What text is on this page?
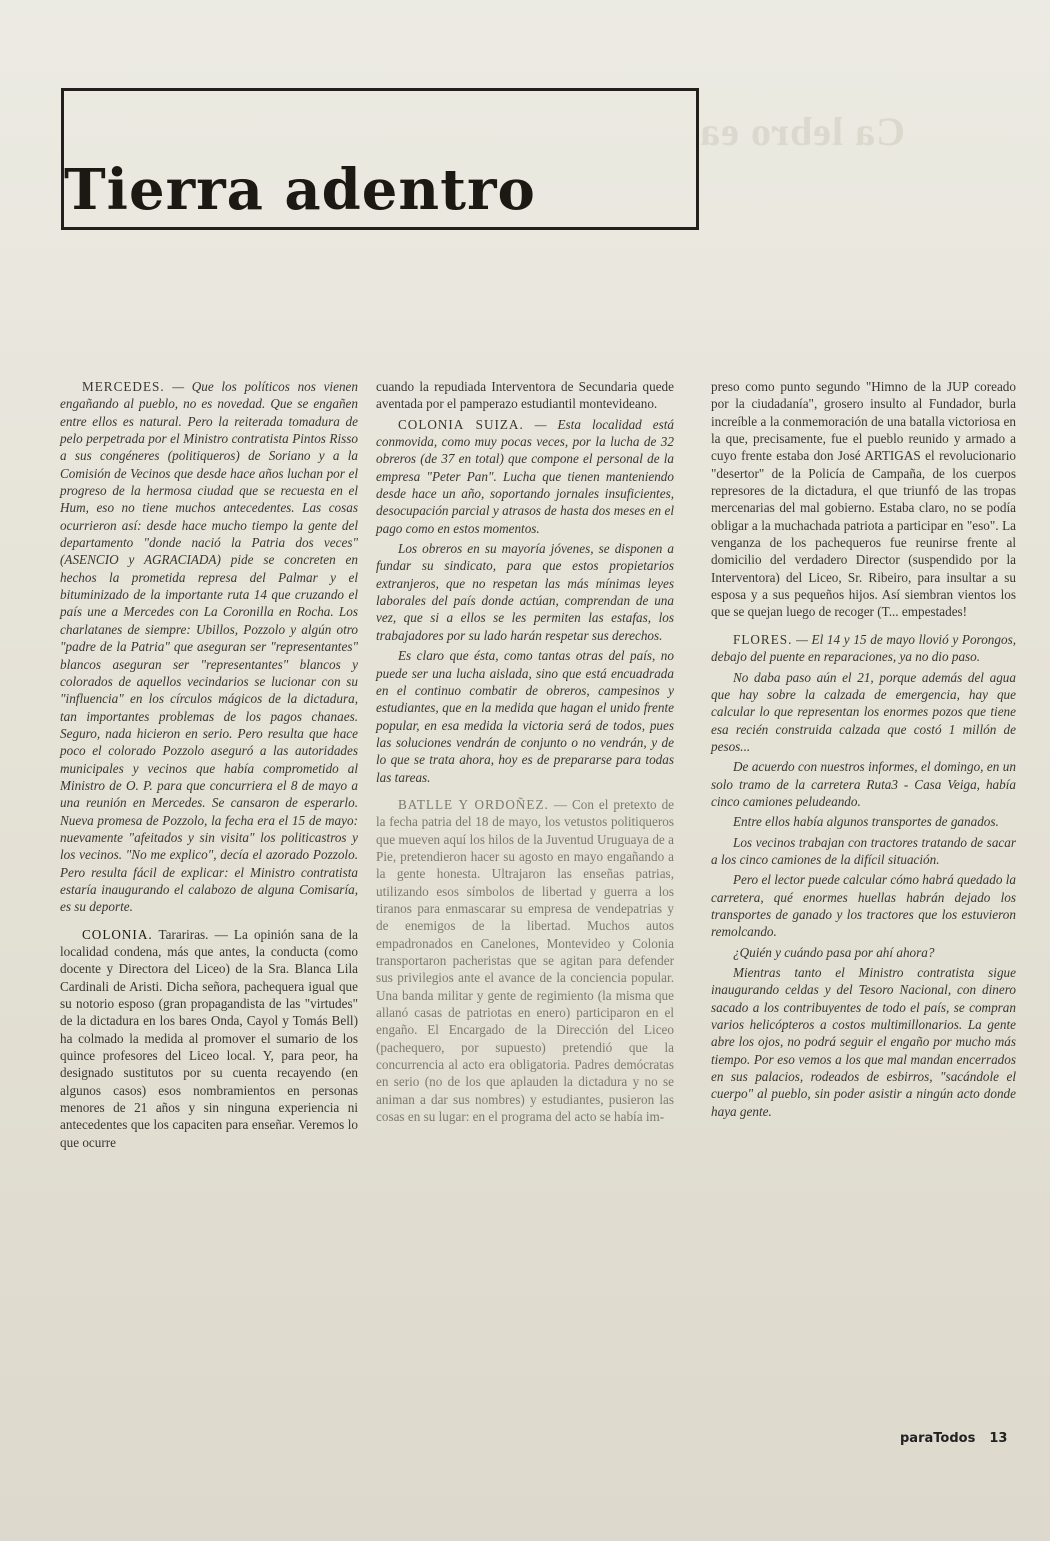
Ca lebro ea
Tierra adentro

MERCEDES. — Que los políticos nos vienen engañando al pueblo, no es novedad. Que se engañen entre ellos es natural. Pero la reiterada tomadura de pelo perpetrada por el Ministro contratista Pintos Risso a sus congéneres (politiqueros) de Soriano y a la Comisión de Vecinos que desde hace años luchan por el progreso de la hermosa ciudad que se recuesta en el Hum, eso no tiene muchos antecedentes. Las cosas ocurrieron así: desde hace mucho tiempo la gente del departamento "donde nació la Patria dos veces" (ASENCIO y AGRACIADA) pide se concreten en hechos la prometida represa del Palmar y el bituminizado de la importante ruta 14 que cruzando el país une a Mercedes con La Coronilla en Rocha. Los charlatanes de siempre: Ubillos, Pozzolo y algún otro "padre de la Patria" que aseguran ser "representantes" blancos aseguran ser "representantes" blancos y colorados de aquellos vecindarios se lucionar con su "influencia" en los círculos mágicos de la dictadura, tan importantes problemas de los pagos chanaes. Seguro, nada hicieron en serio. Pero resulta que hace poco el colorado Pozzolo aseguró a las autoridades municipales y vecinos que había comprometido al Ministro de O. P. para que concurriera el 8 de mayo a una reunión en Mercedes. Se cansaron de esperarlo. Nueva promesa de Pozzolo, la fecha era el 15 de mayo: nuevamente "afeitados y sin visita" los politicastros y los vecinos. "No me explico", decía el azorado Pozzolo. Pero resulta fácil de explicar: el Ministro contratista estaría inaugurando el calabozo de alguna Comisaría, es su deporte.

COLONIA. Tarariras. — La opinión sana de la localidad condena, más que antes, la conducta (como docente y Directora del Liceo) de la Sra. Blanca Lila Cardinali de Aristi. Dicha señora, pachequera igual que su notorio esposo (gran propagandista de las "virtudes" de la dictadura en los bares Onda, Cayol y Tomás Bell) ha colmado la medida al promover el sumario de los quince profesores del Liceo local. Y, para peor, ha designado sustitutos por su cuenta recayendo (en algunos casos) esos nombramientos en personas menores de 21 años y sin ninguna experiencia ni antecedentes que los capaciten para enseñar. Veremos lo que ocurre

cuando la repudiada Interventora de Secundaria quede aventada por el pamperazo estudiantil montevideano.

COLONIA SUIZA. — Esta localidad está conmovida, como muy pocas veces, por la lucha de 32 obreros (de 37 en total) que compone el personal de la empresa "Peter Pan". Lucha que tienen manteniendo desde hace un año, soportando jornales insuficientes, desocupación parcial y atrasos de hasta dos meses en el pago como en estos momentos.

Los obreros en su mayoría jóvenes, se disponen a fundar su sindicato, para que estos propietarios extranjeros, que no respetan las más mínimas leyes laborales del país donde actúan, comprendan de una vez, que si a ellos se les permiten las estafas, los trabajadores por su lado harán respetar sus derechos.

Es claro que ésta, como tantas otras del país, no puede ser una lucha aislada, sino que está encuadrada en el continuo combatir de obreros, campesinos y estudiantes, que en la medida que hagan el unido frente popular, en esa medida la victoria será de todos, pues las soluciones vendrán de conjunto o no vendrán, y de lo que se trata ahora, hoy es de prepararse para todas las tareas.

BATLLE Y ORDOÑEZ. — Con el pretexto de la fecha patria del 18 de mayo, los vetustos politiqueros que mueven aquí los hilos de la Juventud Uruguaya de a Pie, pretendieron hacer su agosto en mayo engañando a la gente honesta. Ultrajaron las enseñas patrias, utilizando esos símbolos de libertad y guerra a los tiranos para enmascarar su empresa de vendepatrias y de enemigos de la libertad. Muchos autos empadronados en Canelones, Montevideo y Colonia transportaron pacheristas que se agitan para defender sus privilegios ante el avance de la conciencia popular. Una banda militar y gente de regimiento (la misma que allanó casas de patriotas en enero) participaron en el engaño. El Encargado de la Dirección del Liceo (pachequero, por supuesto) pretendió que la concurrencia al acto era obligatoria. Padres demócratas en serio (no de los que aplauden la dictadura y no se animan a dar sus nombres) y estudiantes, pusieron las cosas en su lugar: en el programa del acto se había im-

preso como punto segundo "Himno de la JUP coreado por la ciudadanía", grosero insulto al Fundador, burla increíble a la conmemoración de una batalla victoriosa en la que, precisamente, fue el pueblo reunido y armado a cuyo frente estaba don José ARTIGAS el revolucionario "desertor" de la Policía de Campaña, de los cuerpos represores de la dictadura, el que triunfó de las tropas mercenarias del mal gobierno. Estaba claro, no se podía obligar a la muchachada patriota a participar en "eso". La venganza de los pachequeros fue reunirse frente al domicilio del verdadero Director (suspendido por la Interventora) del Liceo, Sr. Ribeiro, para insultar a su esposa y a sus pequeños hijos. Así siembran vientos los que se quejan luego de recoger (T... empestades!

FLORES. — El 14 y 15 de mayo llovió y Porongos, debajo del puente en reparaciones, ya no dio paso.

No daba paso aún el 21, porque además del agua que hay sobre la calzada de emergencia, hay que calcular lo que representan los enormes pozos que tiene esa recién construida calzada que costó 1 millón de pesos...

De acuerdo con nuestros informes, el domingo, en un solo tramo de la carretera Ruta3 - Casa Veiga, había cinco camiones peludeando.

Entre ellos había algunos transportes de ganados.

Los vecinos trabajan con tractores tratando de sacar a los cinco camiones de la difícil situación.

Pero el lector puede calcular cómo habrá quedado la carretera, qué enormes huellas habrán dejado los transportes de ganado y los tractores que los estuvieron remolcando.

¿Quién y cuándo pasa por ahí ahora?

Mientras tanto el Ministro contratista sigue inaugurando celdas y del Tesoro Nacional, con dinero sacado a los contribuyentes de todo el país, se compran varios helicópteros a costos multimillonarios. La gente abre los ojos, no podrá seguir el engaño por mucho más tiempo. Por eso vemos a los que mal mandan encerrados en sus palacios, rodeados de esbirros, "sacándole el cuerpo" al pueblo, sin poder asistir a ningún acto donde haya gente.

paraTodos 13
